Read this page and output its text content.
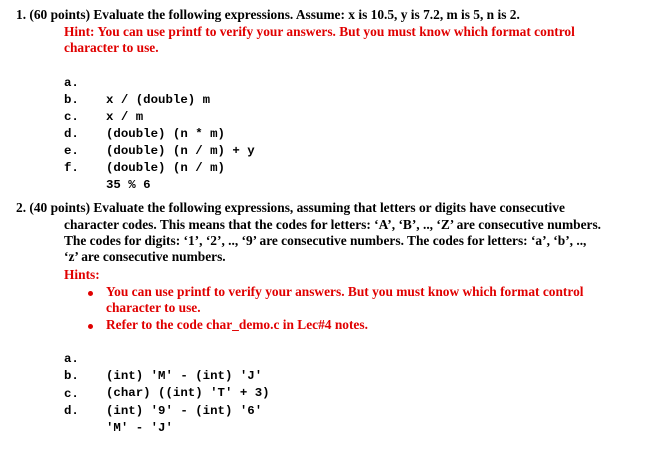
1. (60 points) Evaluate the following expressions. Assume: x is 10.5, y is 7.2, m is 5, n is 2.
Hint: You can use printf to verify your answers. But you must know which format control
character to use.

a.

x / (double) m

b.

x / m

c.

(double) (n * m)

d.

(double) (n / m) + y

e.

(double) (n / m)

f.

35 % 6

2. (40 points) Evaluate the following expressions, assuming that letters or digits have consecutive
character codes. This means that the codes for letters: ‘A’, ‘B’, .., ‘Z’ are consecutive numbers.
The codes for digits: ‘1’, ‘2’, .., ‘9’ are consecutive numbers. The codes for letters: ‘a’, ‘b’, ..,
‘z’ are consecutive numbers.
Hints:
You can use printf to verify your answers. But you must know which format control
character to use.
Refer to the code char_demo.c in Lec#4 notes.

a.

(int) 'M' - (int) 'J'

b.

(char) ((int) 'T' + 3)

c.

(int) '9' - (int) '6'

d.

'M' - 'J'
